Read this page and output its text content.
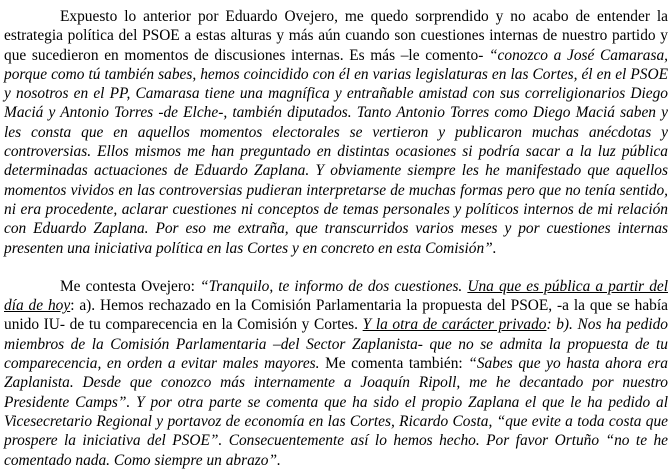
Expuesto lo anterior por Eduardo Ovejero, me quedo sorprendido y no acabo de entender la estrategia política del PSOE a estas alturas y más aún cuando son cuestiones internas de nuestro partido y que sucedieron en momentos de discusiones internas. Es más –le comento- “conozco a José Camarasa, porque como tú también sabes, hemos coincidido con él en varias legislaturas en las Cortes, él en el PSOE y nosotros en el PP, Camarasa tiene una magnífica y entrañable amistad con sus correligionarios Diego Maciá y Antonio Torres -de Elche-, también diputados. Tanto Antonio Torres como Diego Maciá saben y les consta que en aquellos momentos electorales se vertieron y publicaron muchas anécdotas y controversias. Ellos mismos me han preguntado en distintas ocasiones si podría sacar a la luz pública determinadas actuaciones de Eduardo Zaplana. Y obviamente siempre les he manifestado que aquellos momentos vividos en las controversias pudieran interpretarse de muchas formas pero que no tenía sentido, ni era procedente, aclarar cuestiones ni conceptos de temas personales y políticos internos de mi relación con Eduardo Zaplana. Por eso me extraña, que transcurridos varios meses y por cuestiones internas presenten una iniciativa política en las Cortes y en concreto en esta Comisión”.

Me contesta Ovejero: “Tranquilo, te informo de dos cuestiones. Una que es pública a partir del día de hoy: a). Hemos rechazado en la Comisión Parlamentaria la propuesta del PSOE, -a la que se había unido IU- de tu comparecencia en la Comisión y Cortes. Y la otra de carácter privado: b). Nos ha pedido miembros de la Comisión Parlamentaria –del Sector Zaplanista- que no se admita la propuesta de tu comparecencia, en orden a evitar males mayores. Me comenta también: “Sabes que yo hasta ahora era Zaplanista. Desde que conozco más internamente a Joaquín Ripoll, me he decantado por nuestro Presidente Camps”. Y por otra parte se comenta que ha sido el propio Zaplana el que le ha pedido al Vicesecretario Regional y portavoz de economía en las Cortes, Ricardo Costa, “que evite a toda costa que prospere la iniciativa del PSOE”. Consecuentemente así lo hemos hecho. Por favor Ortuño “no te he comentado nada. Como siempre un abrazo”.
